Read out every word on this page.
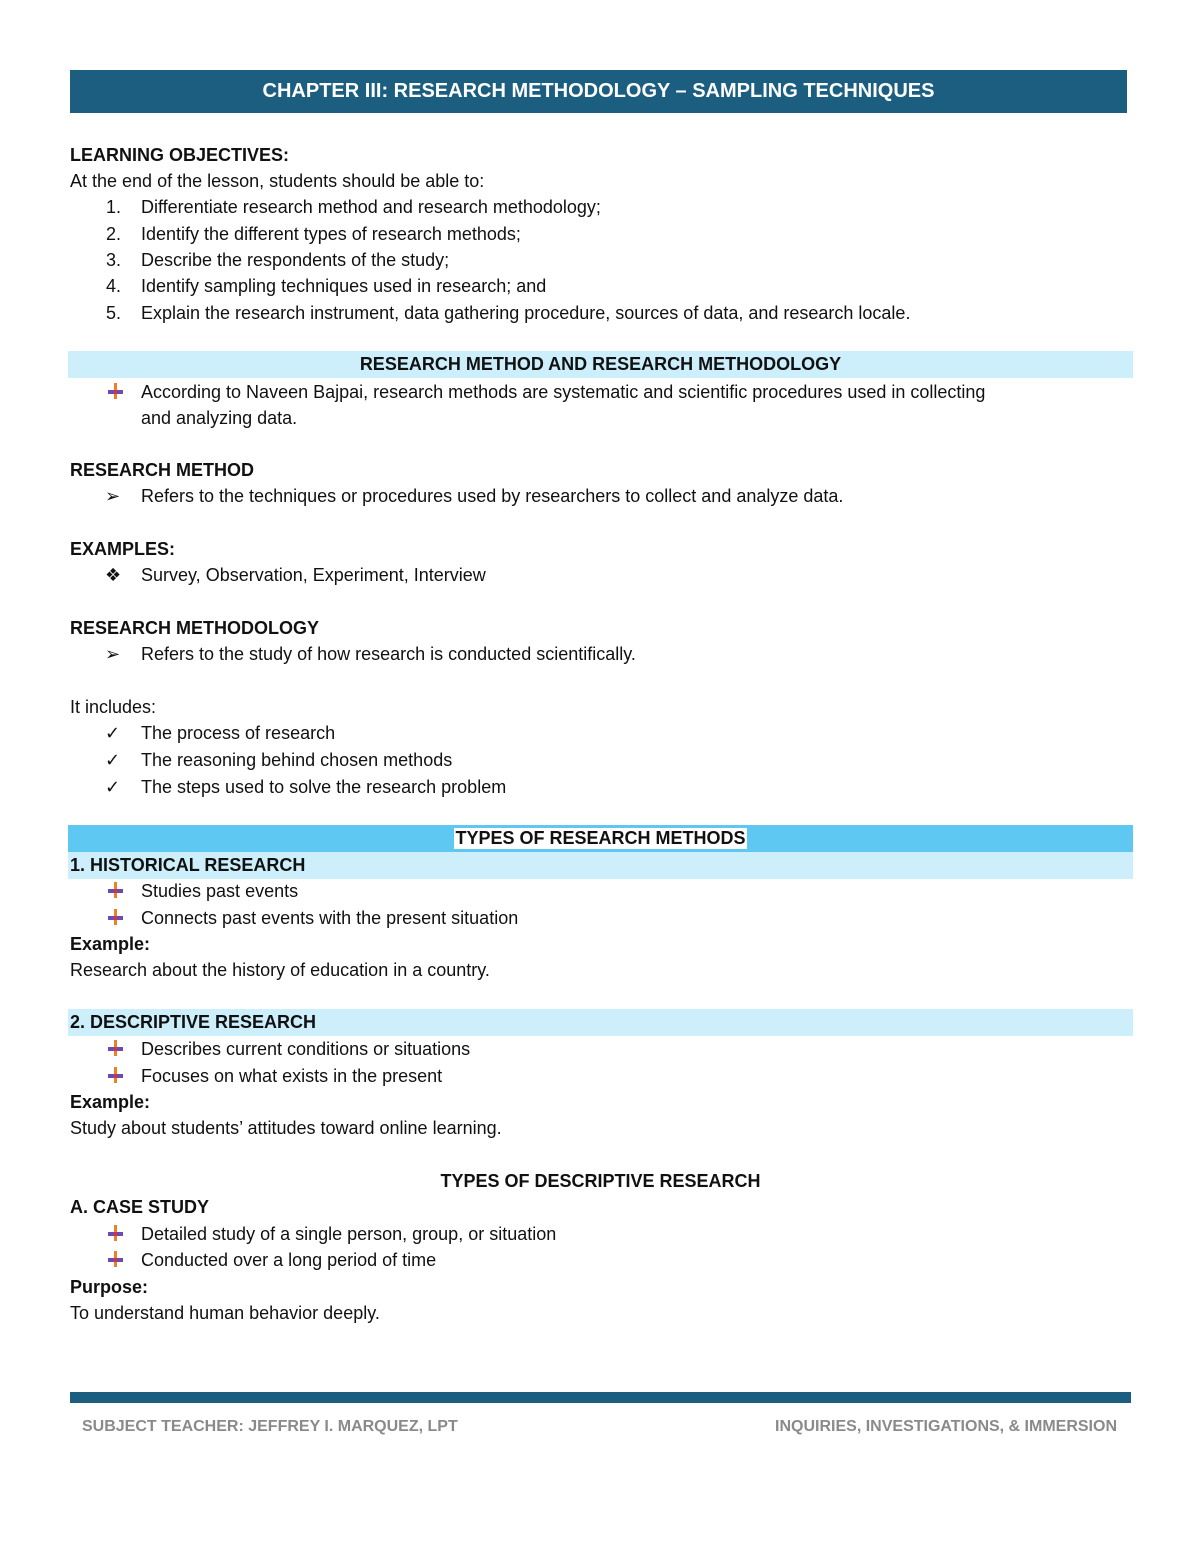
CHAPTER III: RESEARCH METHODOLOGY – SAMPLING TECHNIQUES
LEARNING OBJECTIVES:
At the end of the lesson, students should be able to:
1. Differentiate research method and research methodology;
2. Identify the different types of research methods;
3. Describe the respondents of the study;
4. Identify sampling techniques used in research; and
5. Explain the research instrument, data gathering procedure, sources of data, and research locale.
RESEARCH METHOD AND RESEARCH METHODOLOGY
According to Naveen Bajpai, research methods are systematic and scientific procedures used in collecting
and analyzing data.
RESEARCH METHOD
➢ Refers to the techniques or procedures used by researchers to collect and analyze data.
EXAMPLES:
❖ Survey, Observation, Experiment, Interview
RESEARCH METHODOLOGY
➢ Refers to the study of how research is conducted scientifically.
It includes:
✓ The process of research
✓ The reasoning behind chosen methods
✓ The steps used to solve the research problem
TYPES OF RESEARCH METHODS
1. HISTORICAL RESEARCH
Studies past events
Connects past events with the present situation
Example:
Research about the history of education in a country.
2. DESCRIPTIVE RESEARCH
Describes current conditions or situations
Focuses on what exists in the present
Example:
Study about students’ attitudes toward online learning.
TYPES OF DESCRIPTIVE RESEARCH
A. CASE STUDY
Detailed study of a single person, group, or situation
Conducted over a long period of time
Purpose:
To understand human behavior deeply.
SUBJECT TEACHER: JEFFREY I. MARQUEZ, LPT	INQUIRIES, INVESTIGATIONS, & IMMERSION
